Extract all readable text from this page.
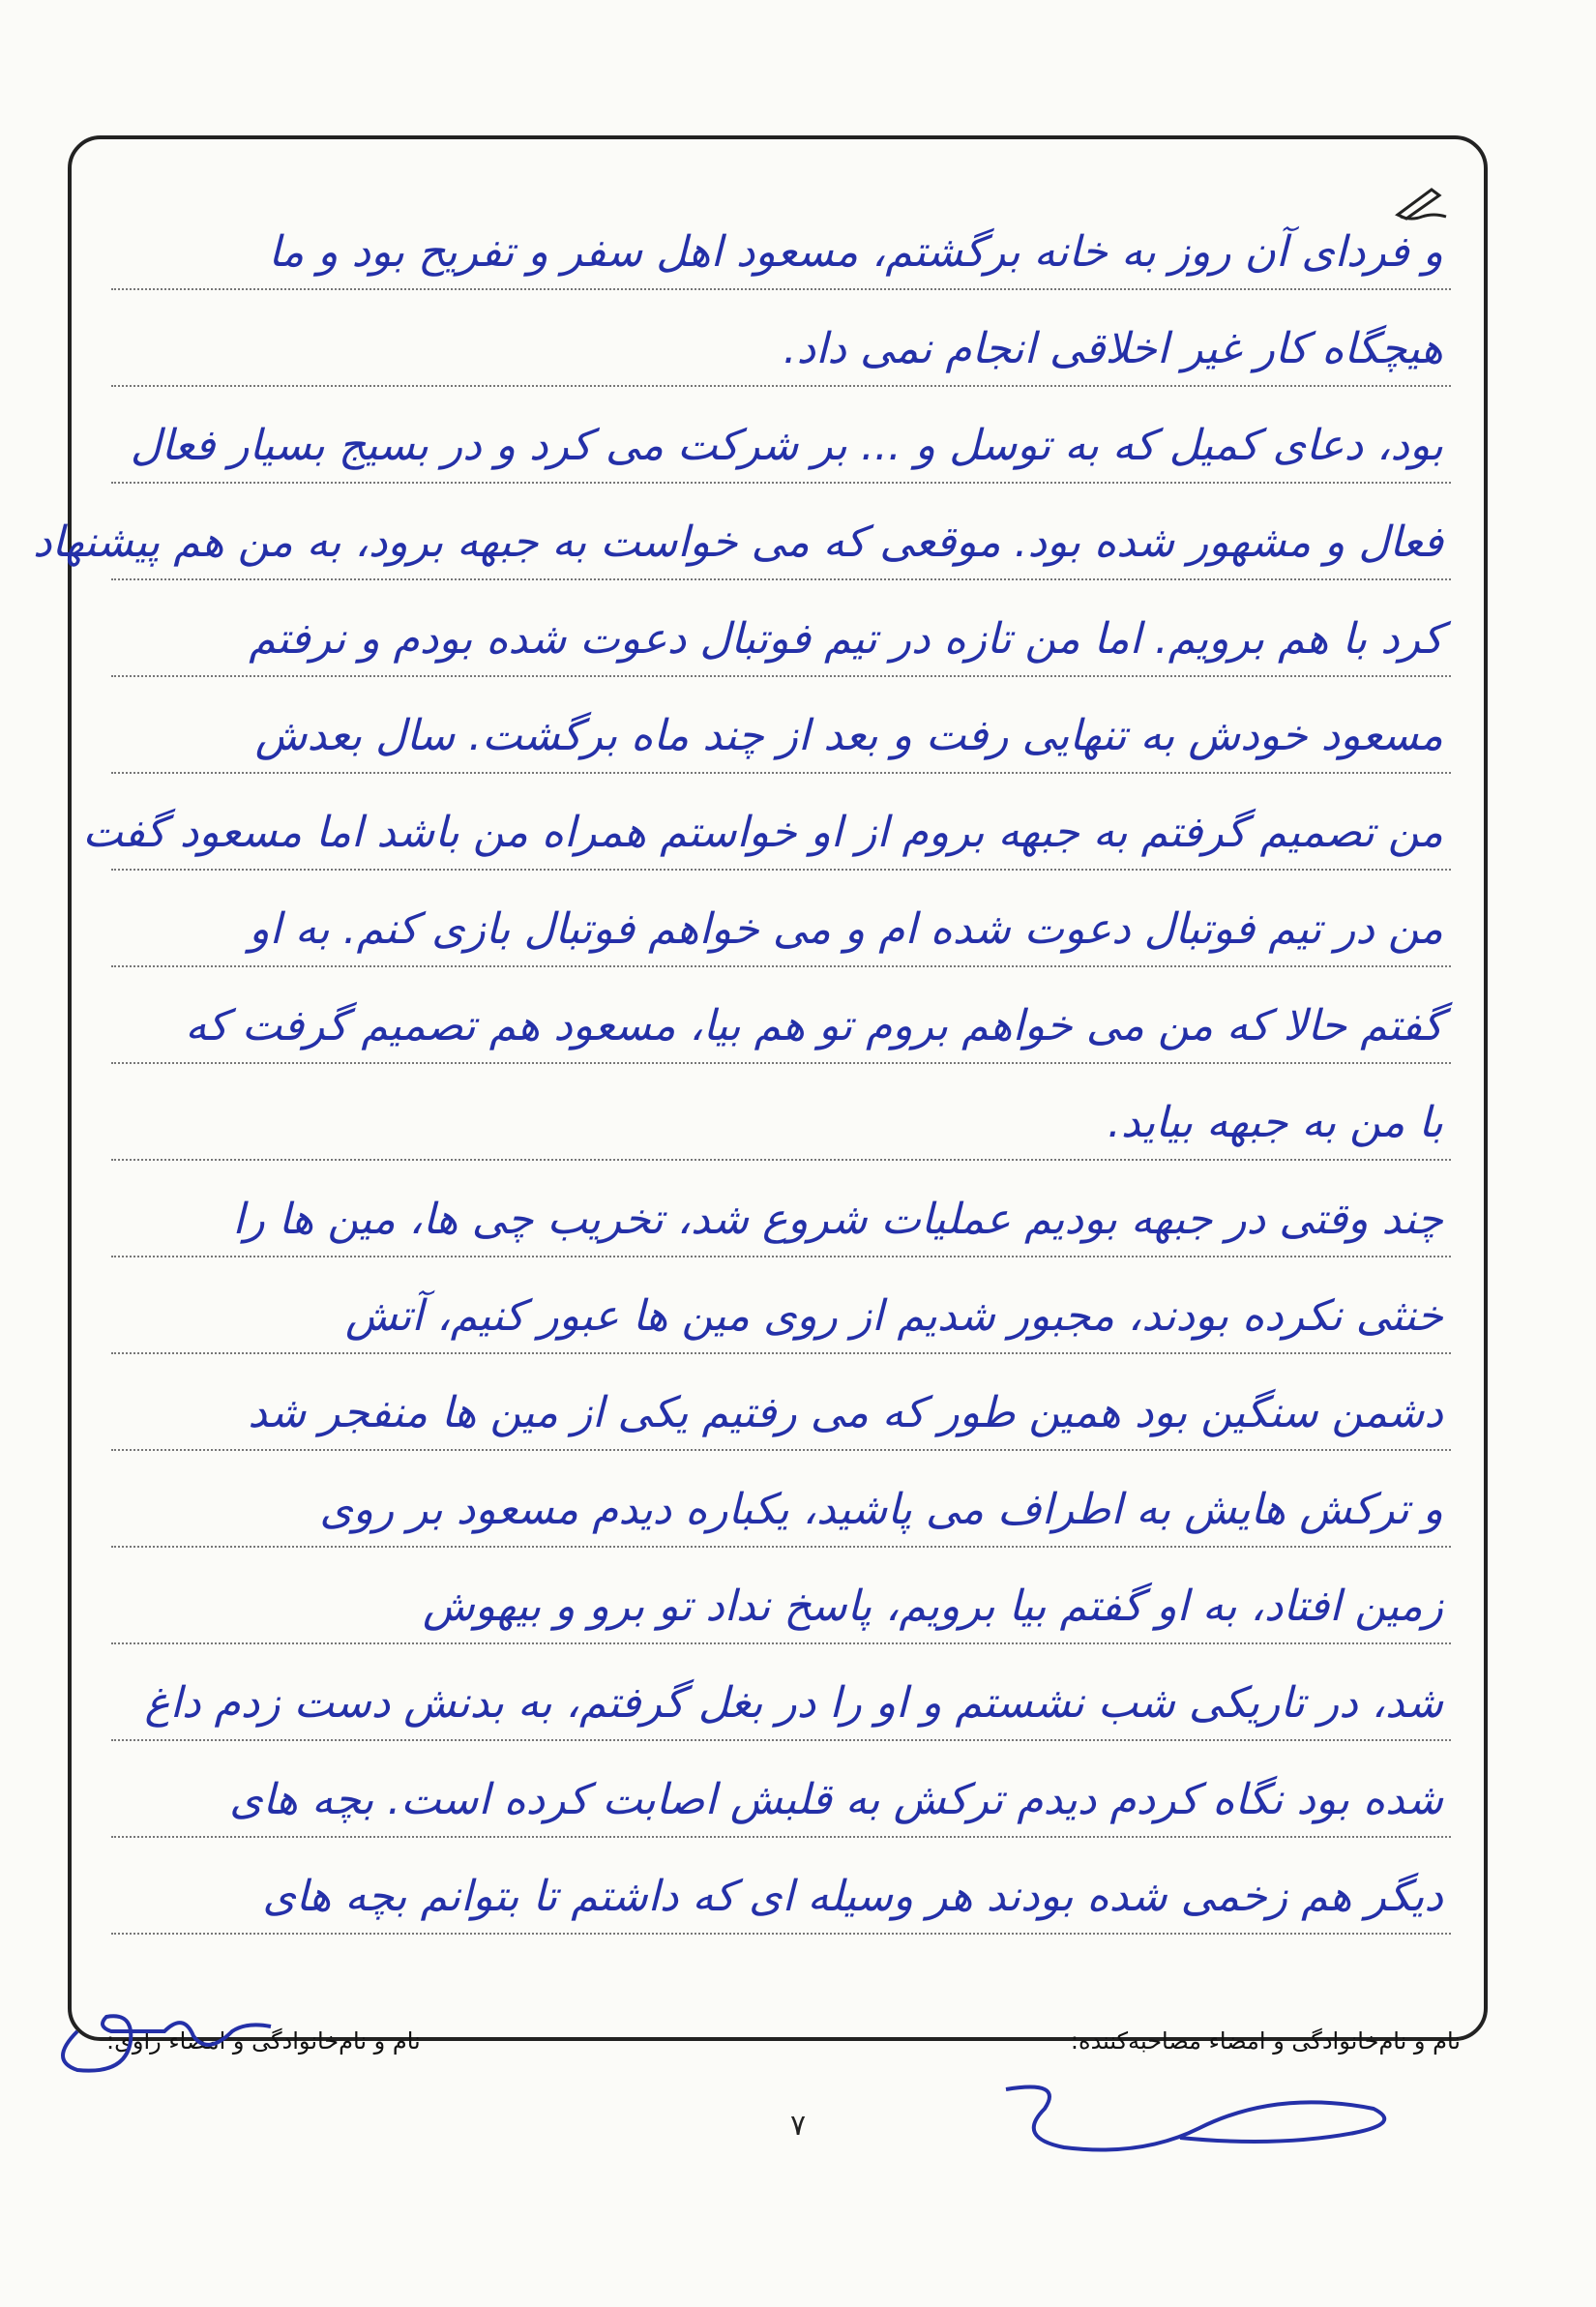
و فردای آن روز به خانه برگشتم، مسعود اهل سفر و تفریح بود و ما
هیچگاه کار غیر اخلاقی انجام نمی داد.
بود، دعای کمیل که به توسل و ... بر شرکت می کرد و در بسیج بسیار فعال
فعال و مشهور شده بود. موقعی که می خواست به جبهه برود، به من هم پیشنهاد
کرد با هم برویم. اما من تازه در تیم فوتبال دعوت شده بودم و نرفتم
مسعود خودش به تنهایی رفت و بعد از چند ماه برگشت. سال بعدش
من تصمیم گرفتم به جبهه بروم از او خواستم همراه من باشد اما مسعود گفت
من در تیم فوتبال دعوت شده ام و می خواهم فوتبال بازی کنم. به او
گفتم حالا که من می خواهم بروم تو هم بیا، مسعود هم تصمیم گرفت که
با من به جبهه بیاید.
چند وقتی در جبهه بودیم عملیات شروع شد، تخریب چی ها، مین ها را
خنثی نکرده بودند، مجبور شدیم از روی مین ها عبور کنیم، آتش
دشمن سنگین بود همین طور که می رفتیم یکی از مین ها منفجر شد
و ترکش هایش به اطراف می پاشید، یکباره دیدم مسعود بر روی
زمین افتاد، به او گفتم بیا برویم، پاسخ نداد تو برو و بیهوش
شد، در تاریکی شب نشستم و او را در بغل گرفتم، به بدنش دست زدم داغ
شده بود نگاه کردم دیدم ترکش به قلبش اصابت کرده است. بچه های
دیگر هم زخمی شده بودند هر وسیله ای که داشتم تا بتوانم بچه های
نام و نام‌خانوادگی و امضاء مصاحبه‌کننده:
نام و نام‌خانوادگی و امضاء راوی:
۷
